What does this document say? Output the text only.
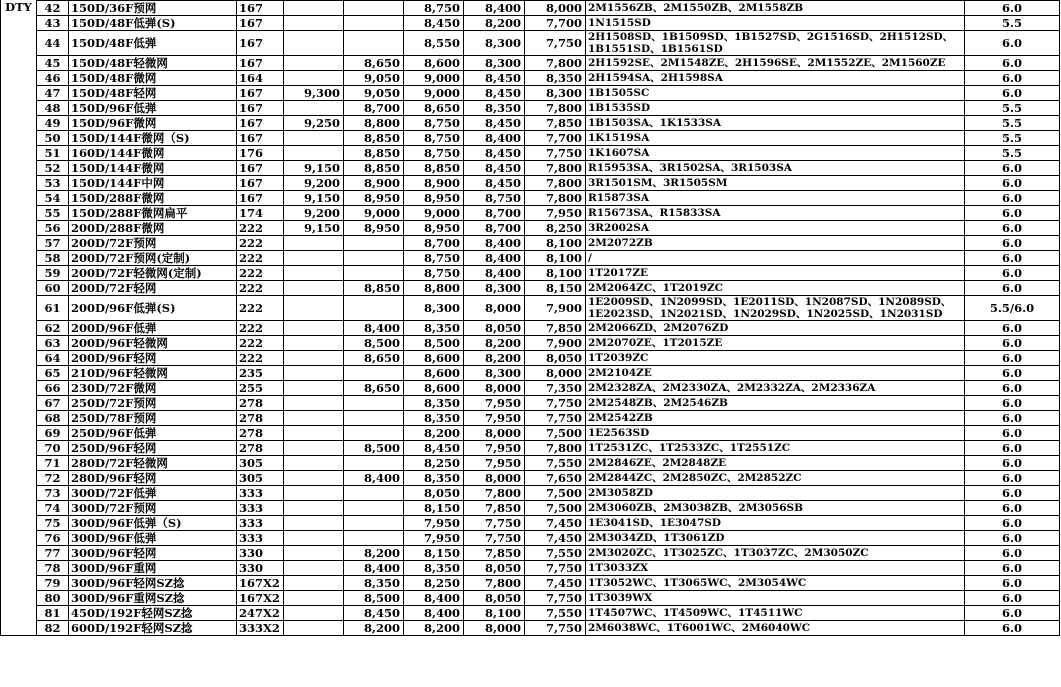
DTY										
	42	150D/36F预网	167			8,750	8,400	8,000	2M1556ZB、2M1550ZB、2M1558ZB	6.0
	43	150D/48F低弹(S)	167			8,450	8,200	7,700	1N1515SD	5.5
	44	150D/48F低弹	167			8,550	8,300	7,750	2H1508SD、1B1509SD、1B1527SD、2G1516SD、2H1512SD、1B1551SD、1B1561SD	6.0
	45	150D/48F轻微网	167		8,650	8,600	8,300	7,800	2H1592SE、2M1548ZE、2H1596SE、2M1552ZE、2M1560ZE	6.0
	46	150D/48F微网	164		9,050	9,000	8,450	8,350	2H1594SA、2H1598SA	6.0
	47	150D/48F轻网	167	9,300	9,050	9,000	8,450	8,300	1B1505SC	6.0
	48	150D/96F低弹	167		8,700	8,650	8,350	7,800	1B1535SD	5.5
	49	150D/96F微网	167	9,250	8,800	8,750	8,450	7,850	1B1503SA、1K1533SA	5.5
	50	150D/144F微网（S)	167		8,850	8,750	8,400	7,700	1K1519SA	5.5
	51	160D/144F微网	176		8,850	8,750	8,450	7,750	1K1607SA	5.5
	52	150D/144F微网	167	9,150	8,850	8,850	8,450	7,800	R15953SA、3R1502SA、3R1503SA	6.0
	53	150D/144F中网	167	9,200	8,900	8,900	8,450	7,800	3R1501SM、3R1505SM	6.0
	54	150D/288F微网	167	9,150	8,950	8,950	8,750	7,800	R15873SA	6.0
	55	150D/288F微网扁平	174	9,200	9,000	9,000	8,700	7,950	R15673SA、R15833SA	6.0
	56	200D/288F微网	222	9,150	8,950	8,950	8,700	8,250	3R2002SA	6.0
	57	200D/72F预网	222			8,700	8,400	8,100	2M2072ZB	6.0
	58	200D/72F预网(定制)	222			8,750	8,400	8,100	/	6.0
	59	200D/72F轻微网(定制)	222			8,750	8,400	8,100	1T2017ZE	6.0
	60	200D/72F轻网	222		8,850	8,800	8,300	8,150	2M2064ZC、1T2019ZC	6.0
	61	200D/96F低弹(S)	222			8,300	8,000	7,900	1E2009SD、1N2099SD、1E2011SD、1N2087SD、1N2089SD、1E2023SD、1N2021SD、1N2029SD、1N2025SD、1N2031SD	5.5/6.0
	62	200D/96F低弹	222		8,400	8,350	8,050	7,850	2M2066ZD、2M2076ZD	6.0
	63	200D/96F轻微网	222		8,500	8,500	8,200	7,900	2M2070ZE、1T2015ZE	6.0
	64	200D/96F轻网	222		8,650	8,600	8,200	8,050	1T2039ZC	6.0
	65	210D/96F轻微网	235			8,600	8,300	8,000	2M2104ZE	6.0
	66	230D/72F微网	255		8,650	8,600	8,000	7,350	2M2328ZA、2M2330ZA、2M2332ZA、2M2336ZA	6.0
	67	250D/72F预网	278			8,350	7,950	7,750	2M2548ZB、2M2546ZB	6.0
	68	250D/78F预网	278			8,350	7,950	7,750	2M2542ZB	6.0
	69	250D/96F低弹	278			8,200	8,000	7,500	1E2563SD	6.0
	70	250D/96F轻网	278		8,500	8,450	7,950	7,800	1T2531ZC、1T2533ZC、1T2551ZC	6.0
	71	280D/72F轻微网	305			8,250	7,950	7,550	2M2846ZE、2M2848ZE	6.0
	72	280D/96F轻网	305		8,400	8,350	8,000	7,650	2M2844ZC、2M2850ZC、2M2852ZC	6.0
	73	300D/72F低弹	333			8,050	7,800	7,500	2M3058ZD	6.0
	74	300D/72F预网	333			8,150	7,850	7,500	2M3060ZB、2M3038ZB、2M3056SB	6.0
	75	300D/96F低弹（S)	333			7,950	7,750	7,450	1E3041SD、1E3047SD	6.0
	76	300D/96F低弹	333			7,950	7,750	7,450	2M3034ZD、1T3061ZD	6.0
	77	300D/96F轻网	330		8,200	8,150	7,850	7,550	2M3020ZC、1T3025ZC、1T3037ZC、2M3050ZC	6.0
	78	300D/96F重网	330		8,400	8,350	8,050	7,750	1T3033ZX	6.0
	79	300D/96F轻网SZ捻	167X2		8,350	8,250	7,800	7,450	1T3052WC、1T3065WC、2M3054WC	6.0
	80	300D/96F重网SZ捻	167X2		8,500	8,400	8,050	7,750	1T3039WX	6.0
	81	450D/192F轻网SZ捻	247X2		8,450	8,400	8,100	7,550	1T4507WC、1T4509WC、1T4511WC	6.0
	82	600D/192F轻网SZ捻	333X2		8,200	8,200	8,000	7,750	2M6038WC、1T6001WC、2M6040WC	6.0
